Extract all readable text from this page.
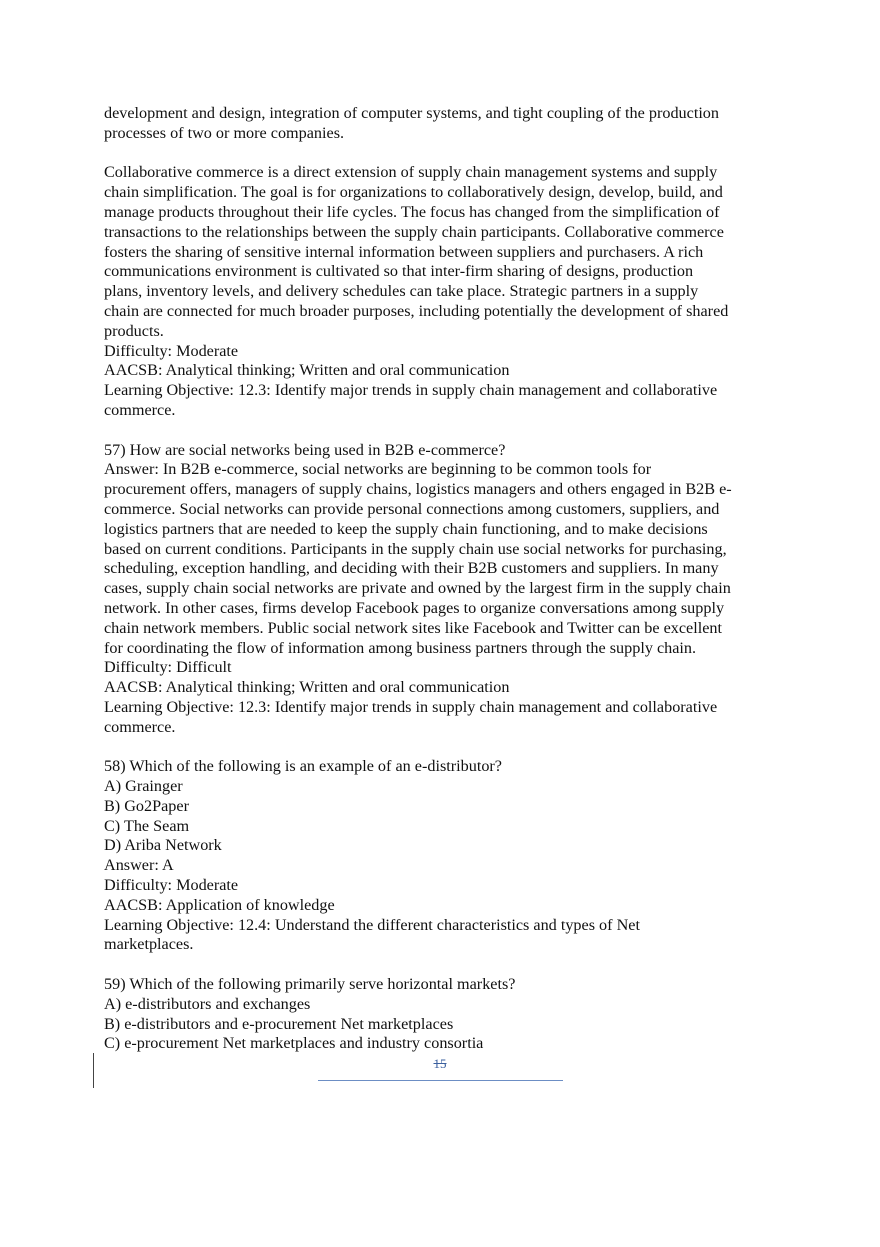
development and design, integration of computer systems, and tight coupling of the production
processes of two or more companies.
Collaborative commerce is a direct extension of supply chain management systems and supply
chain simplification. The goal is for organizations to collaboratively design, develop, build, and
manage products throughout their life cycles. The focus has changed from the simplification of
transactions to the relationships between the supply chain participants. Collaborative commerce
fosters the sharing of sensitive internal information between suppliers and purchasers. A rich
communications environment is cultivated so that inter-firm sharing of designs, production
plans, inventory levels, and delivery schedules can take place. Strategic partners in a supply
chain are connected for much broader purposes, including potentially the development of shared
products.
Difficulty: Moderate
AACSB: Analytical thinking; Written and oral communication
Learning Objective: 12.3: Identify major trends in supply chain management and collaborative
commerce.
57) How are social networks being used in B2B e-commerce?
Answer: In B2B e-commerce, social networks are beginning to be common tools for
procurement offers, managers of supply chains, logistics managers and others engaged in B2B e-
commerce. Social networks can provide personal connections among customers, suppliers, and
logistics partners that are needed to keep the supply chain functioning, and to make decisions
based on current conditions. Participants in the supply chain use social networks for purchasing,
scheduling, exception handling, and deciding with their B2B customers and suppliers. In many
cases, supply chain social networks are private and owned by the largest firm in the supply chain
network. In other cases, firms develop Facebook pages to organize conversations among supply
chain network members. Public social network sites like Facebook and Twitter can be excellent
for coordinating the flow of information among business partners through the supply chain.
Difficulty: Difficult
AACSB: Analytical thinking; Written and oral communication
Learning Objective: 12.3: Identify major trends in supply chain management and collaborative
commerce.
58) Which of the following is an example of an e-distributor?
A) Grainger
B) Go2Paper
C) The Seam
D) Ariba Network
Answer: A
Difficulty: Moderate
AACSB: Application of knowledge
Learning Objective: 12.4: Understand the different characteristics and types of Net
marketplaces.
59) Which of the following primarily serve horizontal markets?
A) e-distributors and exchanges
B) e-distributors and e-procurement Net marketplaces
C) e-procurement Net marketplaces and industry consortia
15
